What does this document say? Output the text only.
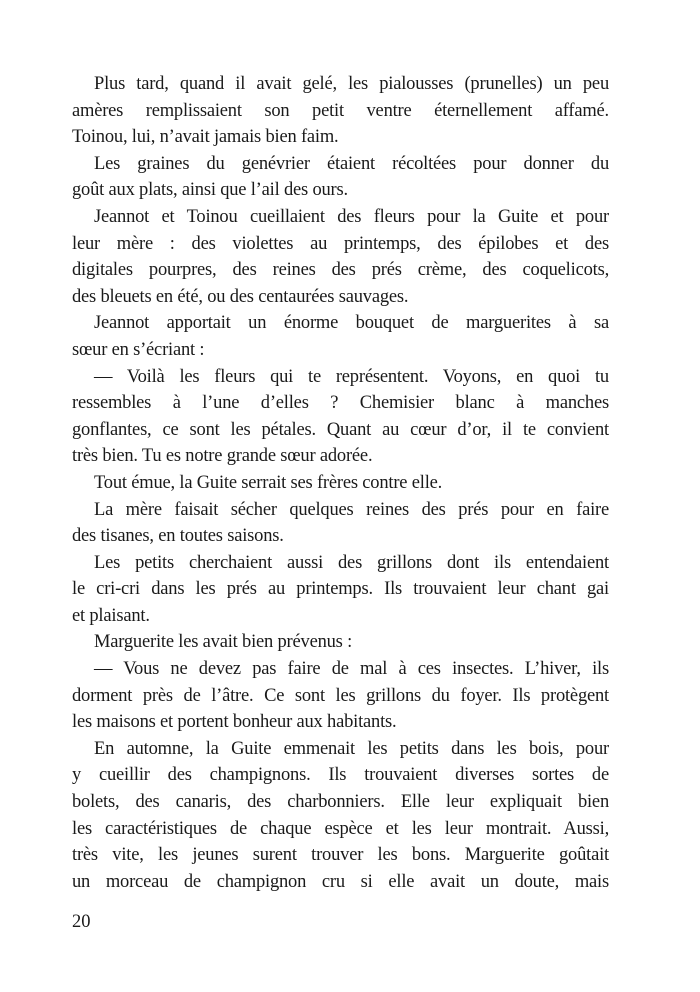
Plus tard, quand il avait gelé, les pialousses (prunelles) un peu
amères remplissaient son petit ventre éternellement affamé.
Toinou, lui, n’avait jamais bien faim.
Les graines du genévrier étaient récoltées pour donner du
goût aux plats, ainsi que l’ail des ours.
Jeannot et Toinou cueillaient des fleurs pour la Guite et pour
leur mère : des violettes au printemps, des épilobes et des
digitales pourpres, des reines des prés crème, des coquelicots,
des bleuets en été, ou des centaurées sauvages.
Jeannot apportait un énorme bouquet de marguerites à sa
sœur en s’écriant :
— Voilà les fleurs qui te représentent. Voyons, en quoi tu
ressembles à l’une d’elles ? Chemisier blanc à manches
gonflantes, ce sont les pétales. Quant au cœur d’or, il te convient
très bien. Tu es notre grande sœur adorée.
Tout émue, la Guite serrait ses frères contre elle.
La mère faisait sécher quelques reines des prés pour en faire
des tisanes, en toutes saisons.
Les petits cherchaient aussi des grillons dont ils entendaient
le cri-cri dans les prés au printemps. Ils trouvaient leur chant gai
et plaisant.
Marguerite les avait bien prévenus :
— Vous ne devez pas faire de mal à ces insectes. L’hiver, ils
dorment près de l’âtre. Ce sont les grillons du foyer. Ils protègent
les maisons et portent bonheur aux habitants.
En automne, la Guite emmenait les petits dans les bois, pour
y cueillir des champignons. Ils trouvaient diverses sortes de
bolets, des canaris, des charbonniers. Elle leur expliquait bien
les caractéristiques de chaque espèce et les leur montrait. Aussi,
très vite, les jeunes surent trouver les bons. Marguerite goûtait
un morceau de champignon cru si elle avait un doute, mais
20
